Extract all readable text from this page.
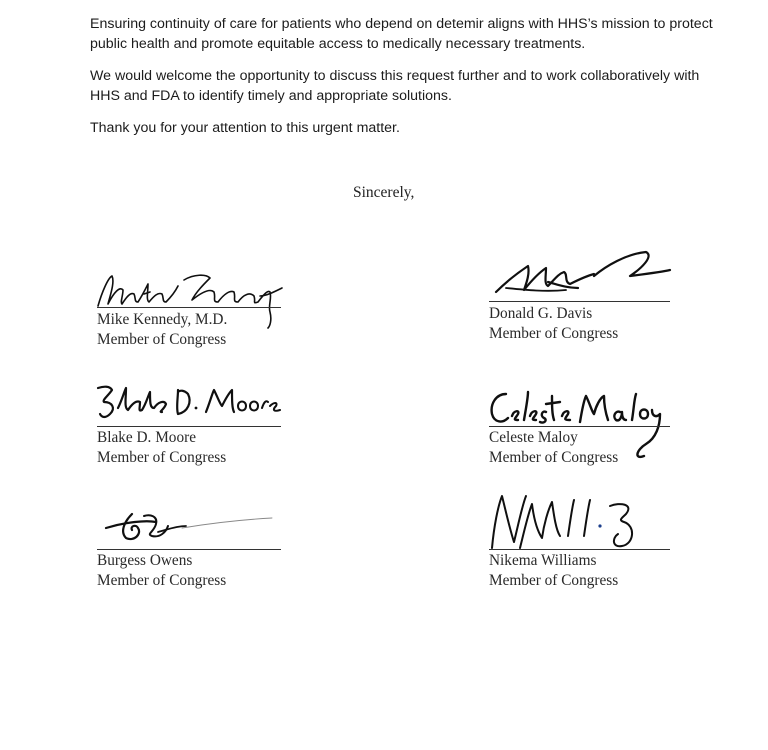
Ensuring continuity of care for patients who depend on detemir aligns with HHS’s mission to protect public health and promote equitable access to medically necessary treatments.

We would welcome the opportunity to discuss this request further and to work collaboratively with HHS and FDA to identify timely and appropriate solutions.

Thank you for your attention to this urgent matter.

Sincerely,
Mike Kennedy, M.D.
Member of Congress
Donald G. Davis
Member of Congress
Blake D. Moore
Member of Congress
Celeste Maloy
Member of Congress
Burgess Owens
Member of Congress
Nikema Williams
Member of Congress
